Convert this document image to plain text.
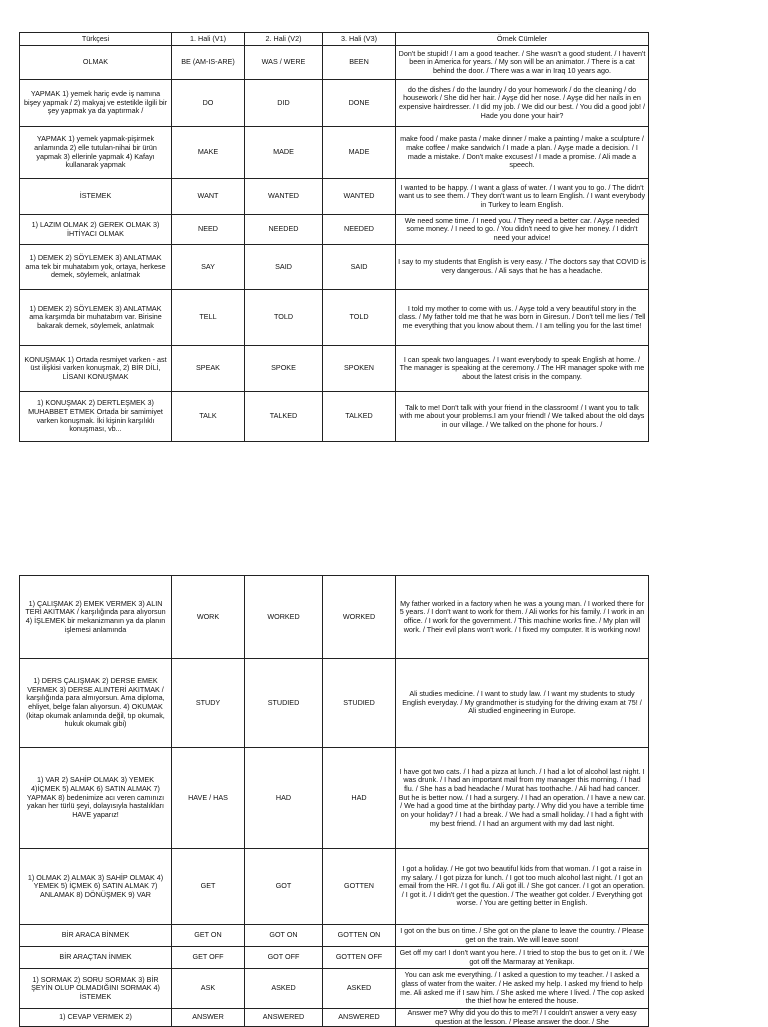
Türkçesi	1. Hali (V1)	2. Hali (V2)	3. Hali (V3)	Örnek Cümleler
OLMAK	BE (AM-IS-ARE)	WAS / WERE	BEEN	Don't be stupid! / I am a good teacher. / She wasn't a good student. / I haven't been in America for years. / My son will be an animator. / There is a cat behind the door. / There was a war in Iraq 10 years ago.
YAPMAK 1) yemek hariç evde iş namına bişey yapmak / 2) makyaj ve estetikle ilgili bir şey yapmak ya da yaptırmak /	DO	DID	DONE	do the dishes / do the laundry / do your homework / do the cleaning / do housework / She did her hair. / Ayşe did her nose. / Ayşe did her nails in en expensive hairdresser. / I did my job. / We did our best. / You did a good job! / Hade you done your hair?
YAPMAK 1) yemek yapmak-pişirmek anlamında 2) elle tutulan-nihai bir ürün yapmak 3) ellerinle yapmak 4) Kafayı kullanarak yapmak	MAKE	MADE	MADE	make food / make pasta / make dinner / make a painting / make a sculpture / make coffee / make sandwich / I made a plan. / Ayşe made a decision. / I made a mistake. / Don't make excuses! / I made a promise. / Ali made a speech.
İSTEMEK	WANT	WANTED	WANTED	I wanted to be happy. / I want a glass of water. / I want you to go. / The didn't want us to see them. / They don't want us to learn English. / I want everybody in Turkey to learn English.
1) LAZIM OLMAK 2) GEREK OLMAK 3) İHTİYACI OLMAK	NEED	NEEDED	NEEDED	We need some time. / I need you. / They need a better car. / Ayşe needed some money. / I need to go. / You didn't need to give her money. / I didn't need your advice!
1) DEMEK 2) SÖYLEMEK 3) ANLATMAK ama tek bir muhatabım yok, ortaya, herkese demek, söylemek, anlatmak	SAY	SAID	SAID	I say to my students that English is very easy. / The doctors say that COVID is very dangerous. / Ali says that he has a headache.
1) DEMEK 2) SÖYLEMEK 3) ANLATMAK ama karşımda bir muhatabım var. Birisine bakarak demek, söylemek, anlatmak	TELL	TOLD	TOLD	I told my mother to come with us. / Ayşe told a very beautiful story in the class. / My father told me that he was born in Giresun. / Don't tell me lies / Tell me everything that you know about them. / I am telling you for the last time!
KONUŞMAK 1) Ortada resmiyet varken - ast üst ilişkisi varken konuşmak, 2) BİR DİLİ, LİSANI KONUŞMAK	SPEAK	SPOKE	SPOKEN	I can speak two languages. / I want everybody to speak English at home. / The manager is speaking at the ceremony. / The HR manager spoke with me about the latest crisis in the company.
1) KONUŞMAK 2) DERTLEŞMEK 3) MUHABBET ETMEK Ortada bir samimiyet varken konuşmak. İki kişinin karşılıklı konuşması, vb...	TALK	TALKED	TALKED	Talk to me! Don't talk with your friend in the classroom! / I want you to talk with me about your problems.I am your friend! / We talked about the old days in our village. / We talked on the phone for hours. /
1) ÇALIŞMAK 2) EMEK VERMEK 3) ALIN TERİ AKITMAK / karşılığında para alıyorsun 4) İŞLEMEK bir mekanizmanın ya da planın işlemesi anlamında	WORK	WORKED	WORKED	My father worked in a factory when he was a young man. / I worked there for 5 years. / I don't want to work for them. / Ali works for his family. / I work in an office. / I work for the government. / This machine works fine. / My plan will work. / Their evil plans won't work. / I fixed my computer. It is working now!
1) DERS ÇALIŞMAK 2) DERSE EMEK VERMEK 3) DERSE ALINTERİ AKITMAK / karşılığında para almıyorsun. Ama diploma, ehliyet, belge falan alıyorsun. 4) OKUMAK (kitap okumak anlamında değil, tıp okumak, hukuk okumak gibi)	STUDY	STUDIED	STUDIED	Ali studies medicine. / I want to study law. / I want my students to study English everyday. / My grandmother is studying for the driving exam at 75! / Ali studied engineering in Europe.
1) VAR 2) SAHİP OLMAK 3) YEMEK 4)İÇMEK 5) ALMAK 6) SATIN ALMAK 7) YAPMAK 8) bedenimize acı veren camınızı yakan her türlü şeyi, dolayısıyla hastalıkları HAVE yaparız!	HAVE / HAS	HAD	HAD	I have got two cats. / I had a pizza at lunch. / I had a lot of alcohol last night. I was drunk. / I had an important mail from my manager this morning. / I had flu. / She has a bad headache / Murat has toothache. / Ali had had cancer. But he is better now. / I had a surgery. / I had an operation. / I have a new car. / We had a good time at the birthday party. / Why did you have a terrible time on your holiday? / I had a break. / We had a small holiday. / I had a fight with my best friend. / I had an argument with my dad last night.
1) OLMAK 2) ALMAK 3) SAHİP OLMAK 4) YEMEK 5) İÇMEK 6) SATIN ALMAK 7) ANLAMAK 8) DÖNÜŞMEK 9) VAR	GET	GOT	GOTTEN	I got a holiday. / He got two beautiful kids from that woman. / I got a raise in my salary. / I got pizza for lunch. / I got too much alcohol last night. / I got an email from the HR. / I got flu. / Ali got ill. / She got cancer. / I got an operation. / I got it. / I didn't get the question. / The weather got colder. / Everything got worse. / You are getting better in English.
BİR ARACA BİNMEK	GET ON	GOT ON	GOTTEN ON	I got on the bus on time. / She got on the plane to leave the country. / Please get on the train. We will leave soon!
BİR ARAÇTAN İNMEK	GET OFF	GOT OFF	GOTTEN OFF	Get off my car! I don't want you here. / I tried to stop the bus to get on it. / We got off the Marmaray at Yenikapı.
1) SORMAK 2) SORU SORMAK 3) BİR ŞEYİN OLUP OLMADIĞINI SORMAK 4) İSTEMEK	ASK	ASKED	ASKED	You can ask me everything. / I asked a question to my teacher. / I asked a glass of water from the waiter. / He asked my help. I asked my friend to help me. Ali asked me if I saw him. / She asked me where I lived. / The cop asked the thief how he entered the house.
1) CEVAP VERMEK 2)	ANSWER	ANSWERED	ANSWERED	Answer me? Why did you do this to me?! / I couldn't answer a very easy question at the lesson. / Please answer the door. / She
